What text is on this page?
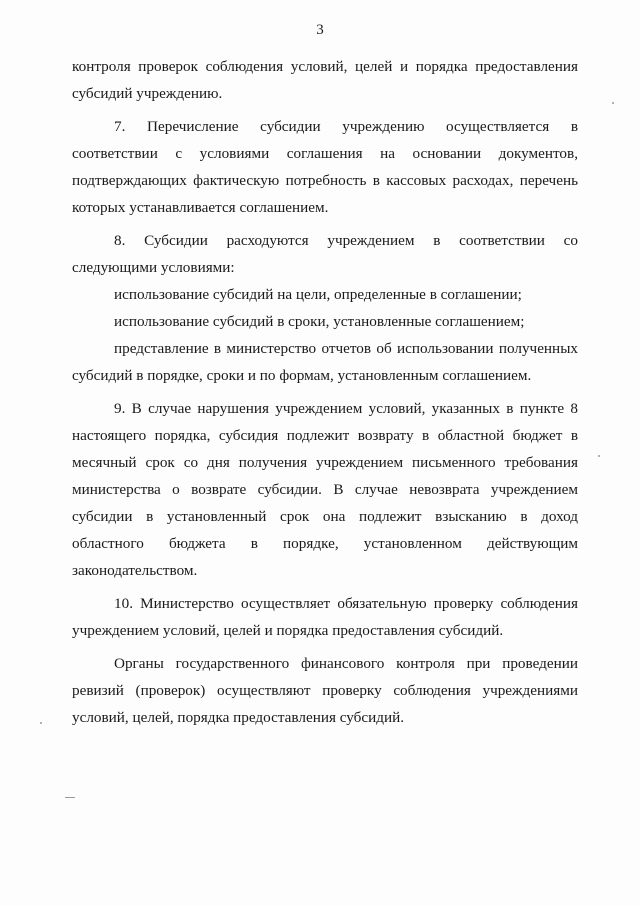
3
контроля проверок соблюдения условий, целей и порядка предоставления
субсидий учреждению.
7. Перечисление субсидии учреждению осуществляется в
соответствии с условиями соглашения на основании документов,
подтверждающих фактическую потребность в кассовых расходах, перечень
которых устанавливается соглашением.
8. Субсидии расходуются учреждением в соответствии со
следующими условиями:
использование субсидий на цели, определенные в соглашении;
использование субсидий в сроки, установленные соглашением;
представление в министерство отчетов об использовании полученных
субсидий в порядке, сроки и по формам, установленным соглашением.
9. В случае нарушения учреждением условий, указанных в пункте 8
настоящего порядка, субсидия подлежит возврату в областной бюджет в
месячный срок со дня получения учреждением письменного требования
министерства о возврате субсидии. В случае невозврата учреждением
субсидии в установленный срок она подлежит взысканию в доход
областного бюджета в порядке, установленном действующим
законодательством.
10. Министерство осуществляет обязательную проверку соблюдения
учреждением условий, целей и порядка предоставления субсидий.
Органы государственного финансового контроля при проведении
ревизий (проверок) осуществляют проверку соблюдения учреждениями
условий, целей, порядка предоставления субсидий.
